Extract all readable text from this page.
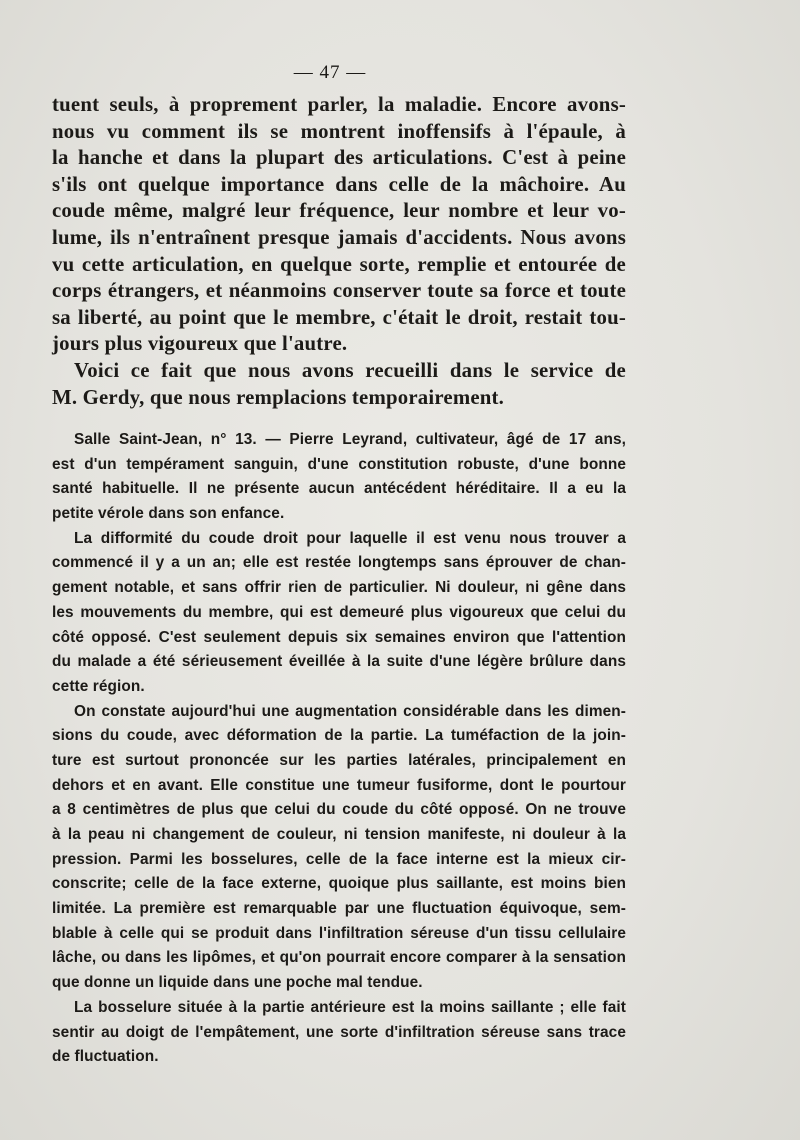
— 47 —

tuent seuls, à proprement parler, la maladie. Encore avons-
nous vu comment ils se montrent inoffensifs à l'épaule, à
la hanche et dans la plupart des articulations. C'est à peine
s'ils ont quelque importance dans celle de la mâchoire. Au
coude même, malgré leur fréquence, leur nombre et leur vo-
lume, ils n'entraînent presque jamais d'accidents. Nous avons
vu cette articulation, en quelque sorte, remplie et entourée de
corps étrangers, et néanmoins conserver toute sa force et toute
sa liberté, au point que le membre, c'était le droit, restait tou-
jours plus vigoureux que l'autre.

Voici ce fait que nous avons recueilli dans le service de
M. Gerdy, que nous remplacions temporairement.

Salle Saint-Jean, n° 13. — Pierre Leyrand, cultivateur, âgé de 17 ans,
est d'un tempérament sanguin, d'une constitution robuste, d'une bonne
santé habituelle. Il ne présente aucun antécédent héréditaire. Il a eu la
petite vérole dans son enfance.
La difformité du coude droit pour laquelle il est venu nous trouver a
commencé il y a un an; elle est restée longtemps sans éprouver de chan-
gement notable, et sans offrir rien de particulier. Ni douleur, ni gêne dans
les mouvements du membre, qui est demeuré plus vigoureux que celui du
côté opposé. C'est seulement depuis six semaines environ que l'attention
du malade a été sérieusement éveillée à la suite d'une légère brûlure dans
cette région.
On constate aujourd'hui une augmentation considérable dans les dimen-
sions du coude, avec déformation de la partie. La tuméfaction de la join-
ture est surtout prononcée sur les parties latérales, principalement en
dehors et en avant. Elle constitue une tumeur fusiforme, dont le pourtour
a 8 centimètres de plus que celui du coude du côté opposé. On ne trouve
à la peau ni changement de couleur, ni tension manifeste, ni douleur à la
pression. Parmi les bosselures, celle de la face interne est la mieux cir-
conscrite; celle de la face externe, quoique plus saillante, est moins bien
limitée. La première est remarquable par une fluctuation équivoque, sem-
blable à celle qui se produit dans l'infiltration séreuse d'un tissu cellulaire
lâche, ou dans les lipômes, et qu'on pourrait encore comparer à la sensation
que donne un liquide dans une poche mal tendue.
La bosselure située à la partie antérieure est la moins saillante ; elle fait
sentir au doigt de l'empâtement, une sorte d'infiltration séreuse sans trace
de fluctuation.
